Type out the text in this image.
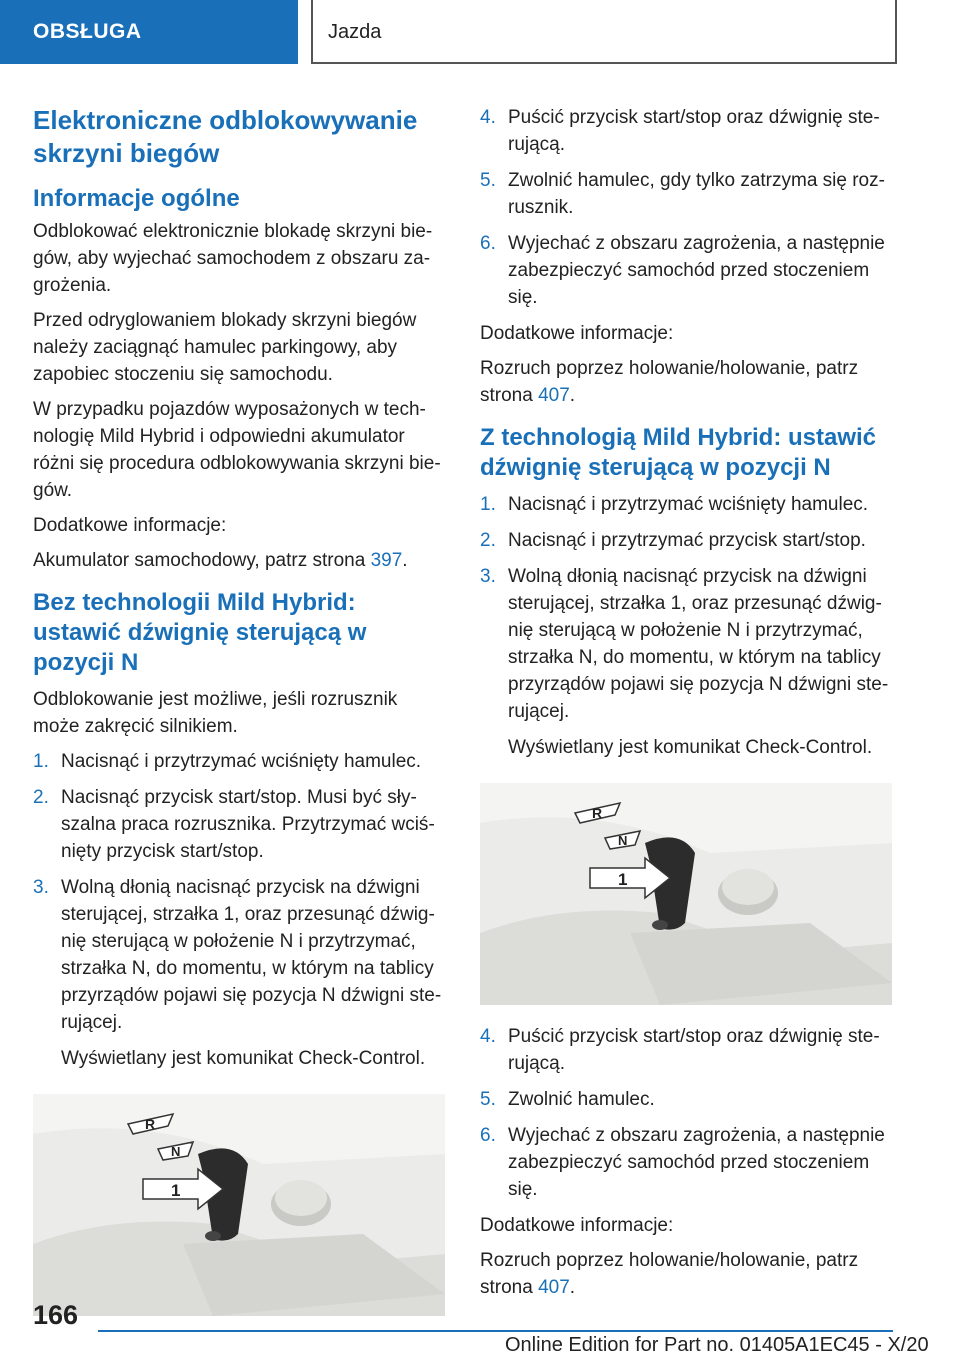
OBSŁUGA	Jazda
Elektroniczne odblokowywanie skrzyni biegów
Informacje ogólne

Odblokować elektronicznie blokadę skrzyni biegów, aby wyjechać samochodem z obszaru zagrożenia.

Przed odryglowaniem blokady skrzyni biegów należy zaciągnąć hamulec parkingowy, aby zapobiec stoczeniu się samochodu.

W przypadku pojazdów wyposażonych w technologię Mild Hybrid i odpowiedni akumulator różni się procedura odblokowywania skrzyni biegów.

Dodatkowe informacje:

Akumulator samochodowy, patrz strona 397.

Bez technologii Mild Hybrid: ustawić dźwignię sterującą w pozycji N

Odblokowanie jest możliwe, jeśli rozrusznik może zakręcić silnikiem.

1. Nacisnąć i przytrzymać wciśnięty hamulec.
2. Nacisnąć przycisk start/stop. Musi być słyszalna praca rozrusznika. Przytrzymać wciśnięty przycisk start/stop.
3. Wolną dłonią nacisnąć przycisk na dźwigni sterującej, strzałka 1, oraz przesunąć dźwignię sterującą w położenie N i przytrzymać, strzałka N, do momentu, w którym na tablicy przyrządów pojawi się pozycja N dźwigni sterującej.

Wyświetlany jest komunikat Check-Control.

R
N
1
4. Puścić przycisk start/stop oraz dźwignię sterującą.
5. Zwolnić hamulec, gdy tylko zatrzyma się rozrusznik.
6. Wyjechać z obszaru zagrożenia, a następnie zabezpieczyć samochód przed stoczeniem się.

Dodatkowe informacje:

Rozruch poprzez holowanie/holowanie, patrz strona 407.

Z technologią Mild Hybrid: ustawić dźwignię sterującą w pozycji N
1. Nacisnąć i przytrzymać wciśnięty hamulec.
2. Nacisnąć i przytrzymać przycisk start/stop.
3. Wolną dłonią nacisnąć przycisk na dźwigni sterującej, strzałka 1, oraz przesunąć dźwignię sterującą w położenie N i przytrzymać, strzałka N, do momentu, w którym na tablicy przyrządów pojawi się pozycja N dźwigni sterującej.

Wyświetlany jest komunikat Check-Control.

R
N
1
4. Puścić przycisk start/stop oraz dźwignię sterującą.
5. Zwolnić hamulec.
6. Wyjechać z obszaru zagrożenia, a następnie zabezpieczyć samochód przed stoczeniem się.

Dodatkowe informacje:

Rozruch poprzez holowanie/holowanie, patrz strona 407.

166
Online Edition for Part no. 01405A1EC45 - X/20
